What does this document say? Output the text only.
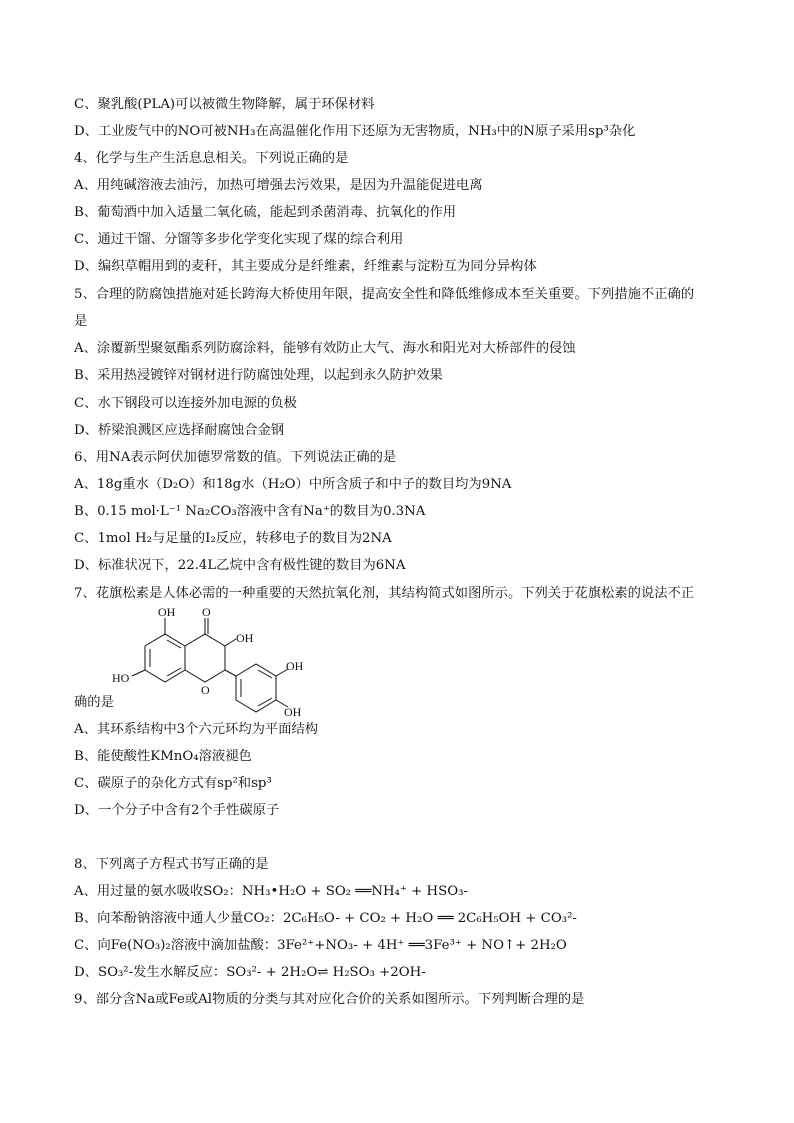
C、聚乳酸(PLA)可以被微生物降解，属于环保材料
D、工业废气中的NO可被NH₃在高温催化作用下还原为无害物质，NH₃中的N原子采用sp³杂化
4、化学与生产生活息息相关。下列说正确的是
A、用纯碱溶液去油污，加热可增强去污效果，是因为升温能促进电离
B、葡萄酒中加入适量二氧化硫，能起到杀菌消毒、抗氧化的作用
C、通过干馏、分馏等多步化学变化实现了煤的综合利用
D、编织草帽用到的麦秆，其主要成分是纤维素，纤维素与淀粉互为同分异构体
5、合理的防腐蚀措施对延长跨海大桥使用年限，提高安全性和降低维修成本至关重要。下列措施不正确的
是
A、涂覆新型聚氨酯系列防腐涂料，能够有效防止大气、海水和阳光对大桥部件的侵蚀
B、采用热浸镀锌对钢材进行防腐蚀处理，以起到永久防护效果
C、水下钢段可以连接外加电源的负极
D、桥梁浪溅区应选择耐腐蚀合金钢
6、用NA表示阿伏加德罗常数的值。下列说法正确的是
A、18g重水（D₂O）和18g水（H₂O）中所含质子和中子的数目均为9NA
B、0.15 mol·L⁻¹ Na₂CO₃溶液中含有Na⁺的数目为0.3NA
C、1mol H₂与足量的I₂反应，转移电子的数目为2NA
D、标准状况下，22.4L乙烷中含有极性键的数目为6NA
7、花旗松素是人体必需的一种重要的天然抗氧化剂，其结构简式如图所示。下列关于花旗松素的说法不正
OH O
OH
HO
O
OH
OH
确的是
A、其环系结构中3个六元环均为平面结构
B、能使酸性KMnO₄溶液褪色
C、碳原子的杂化方式有sp²和sp³
D、一个分子中含有2个手性碳原子
8、下列离子方程式书写正确的是
A、用过量的氨水吸收SO₂：NH₃•H₂O + SO₂ ══NH₄⁺ + HSO₃-
B、向苯酚钠溶液中通人少量CO₂：2C₆H₅O- + CO₂ + H₂O ══ 2C₆H₅OH + CO₃²-
C、向Fe(NO₃)₂溶液中滴加盐酸：3Fe²⁺+NO₃- + 4H⁺ ══3Fe³⁺ + NO↑+ 2H₂O
D、SO₃²-发生水解反应：SO₃²- + 2H₂O⇌ H₂SO₃ +2OH-
9、部分含Na或Fe或Al物质的分类与其对应化合价的关系如图所示。下列判断合理的是
